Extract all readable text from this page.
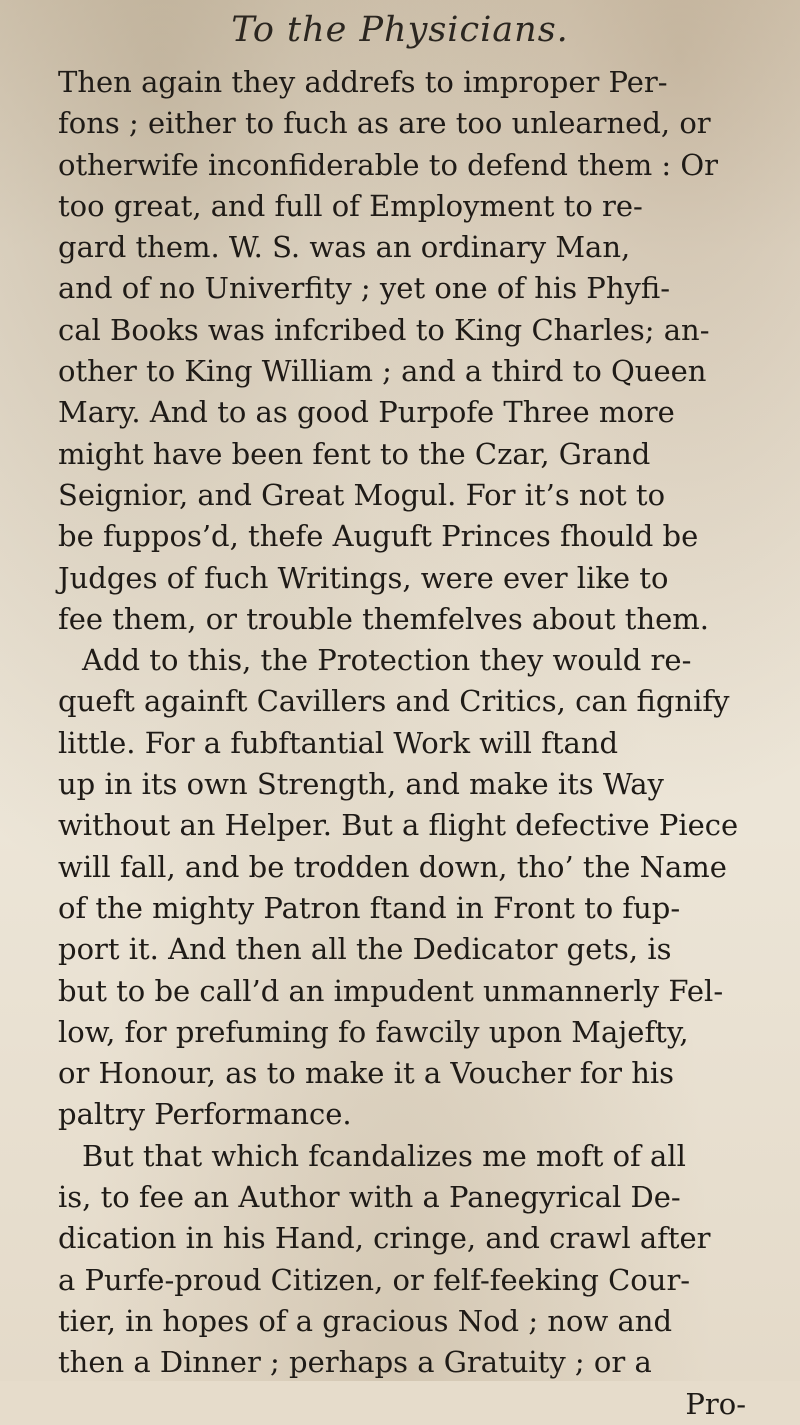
To the Physicians.
Then again they addrefs to improper Per-
fons ; either to fuch as are too unlearned, or
otherwife inconfiderable to defend them : Or
too great, and full of Employment to re-
gard them. W. S. was an ordinary Man,
and of no Univerfity ; yet one of his Phyfi-
cal Books was infcribed to King Charles; an-
other to King William ; and a third to Queen
Mary. And to as good Purpofe Three more
might have been fent to the Czar, Grand
Seignior, and Great Mogul. For it’s not to
be fuppos’d, thefe Auguft Princes fhould be
Judges of fuch Writings, were ever like to
fee them, or trouble themfelves about them.
Add to this, the Protection they would re-
queft againft Cavillers and Critics, can fignify
little. For a fubftantial Work will ftand
up in its own Strength, and make its Way
without an Helper. But a flight defective Piece
will fall, and be trodden down, tho’ the Name
of the mighty Patron ftand in Front to fup-
port it. And then all the Dedicator gets, is
but to be call’d an impudent unmannerly Fel-
low, for prefuming fo fawcily upon Majefty,
or Honour, as to make it a Voucher for his
paltry Performance.
But that which fcandalizes me moft of all
is, to fee an Author with a Panegyrical De-
dication in his Hand, cringe, and crawl after
a Purfe-proud Citizen, or felf-feeking Cour-
tier, in hopes of a gracious Nod ; now and
then a Dinner ; perhaps a Gratuity ; or a
Pro-
